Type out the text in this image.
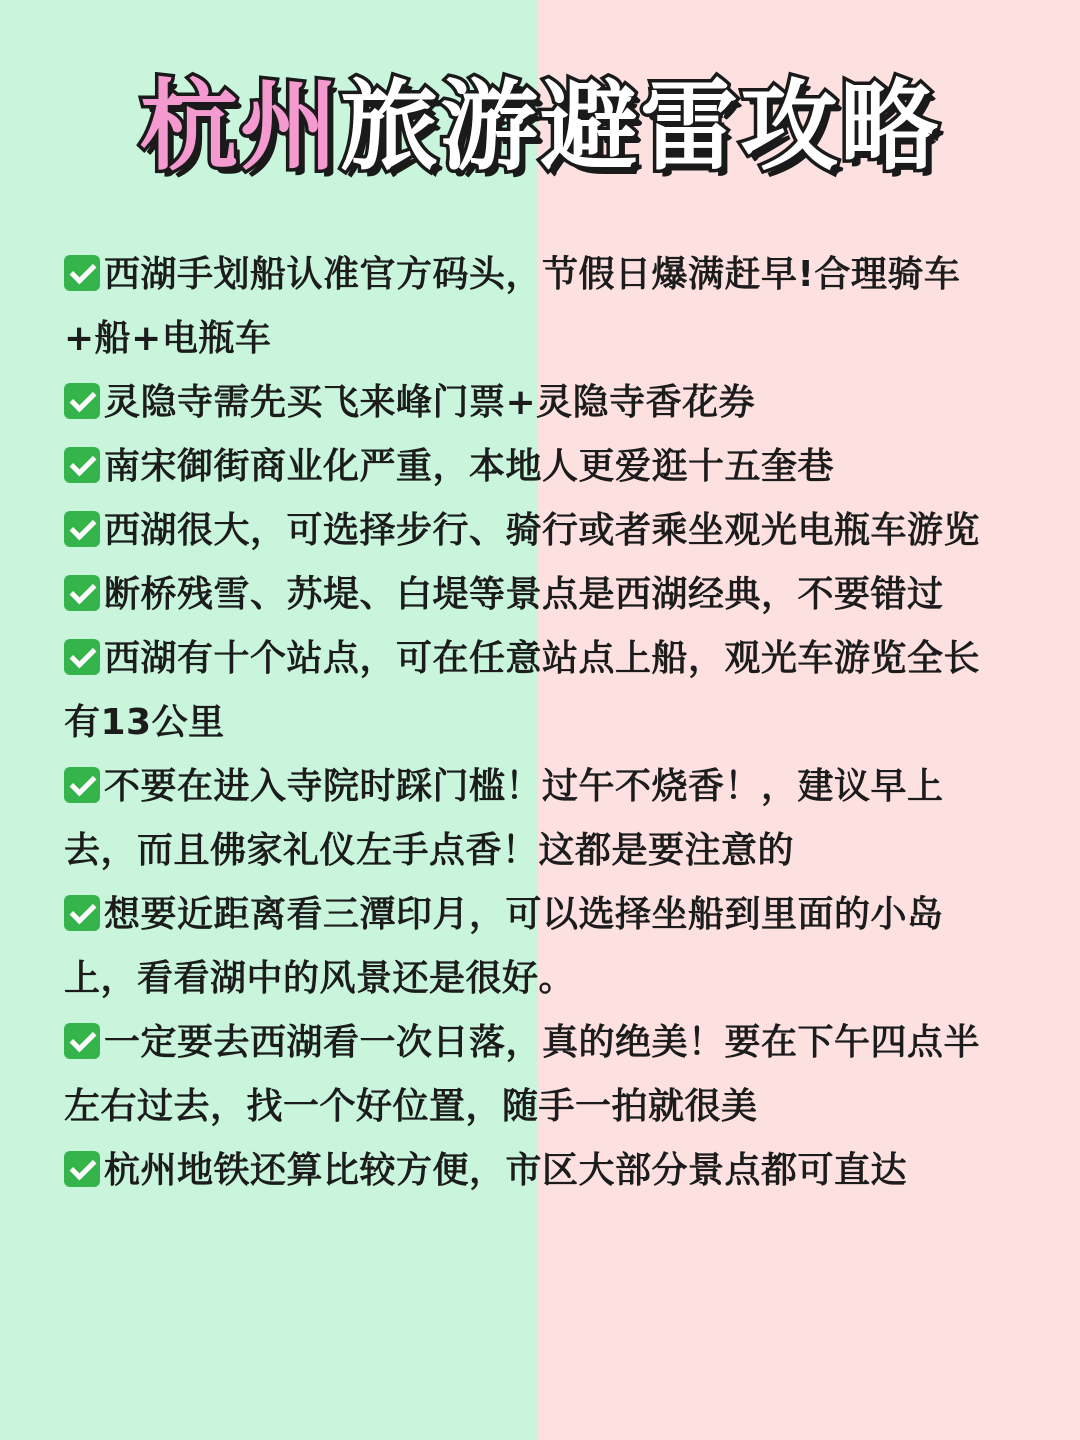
杭州旅游避雷攻略
西湖手划船认准官方码头，节假日爆满赶早!合理骑车+船+电瓶车
灵隐寺需先买飞来峰门票+灵隐寺香花券
南宋御街商业化严重，本地人更爱逛十五奎巷
西湖很大，可选择步行、骑行或者乘坐观光电瓶车游览
断桥残雪、苏堤、白堤等景点是西湖经典，不要错过
西湖有十个站点，可在任意站点上船，观光车游览全长有13公里
不要在进入寺院时踩门槛！过午不烧香！，建议早上去，而且佛家礼仪左手点香！这都是要注意的
想要近距离看三潭印月，可以选择坐船到里面的小岛上，看看湖中的风景还是很好。
一定要去西湖看一次日落，真的绝美！要在下午四点半左右过去，找一个好位置，随手一拍就很美
杭州地铁还算比较方便，市区大部分景点都可直达
